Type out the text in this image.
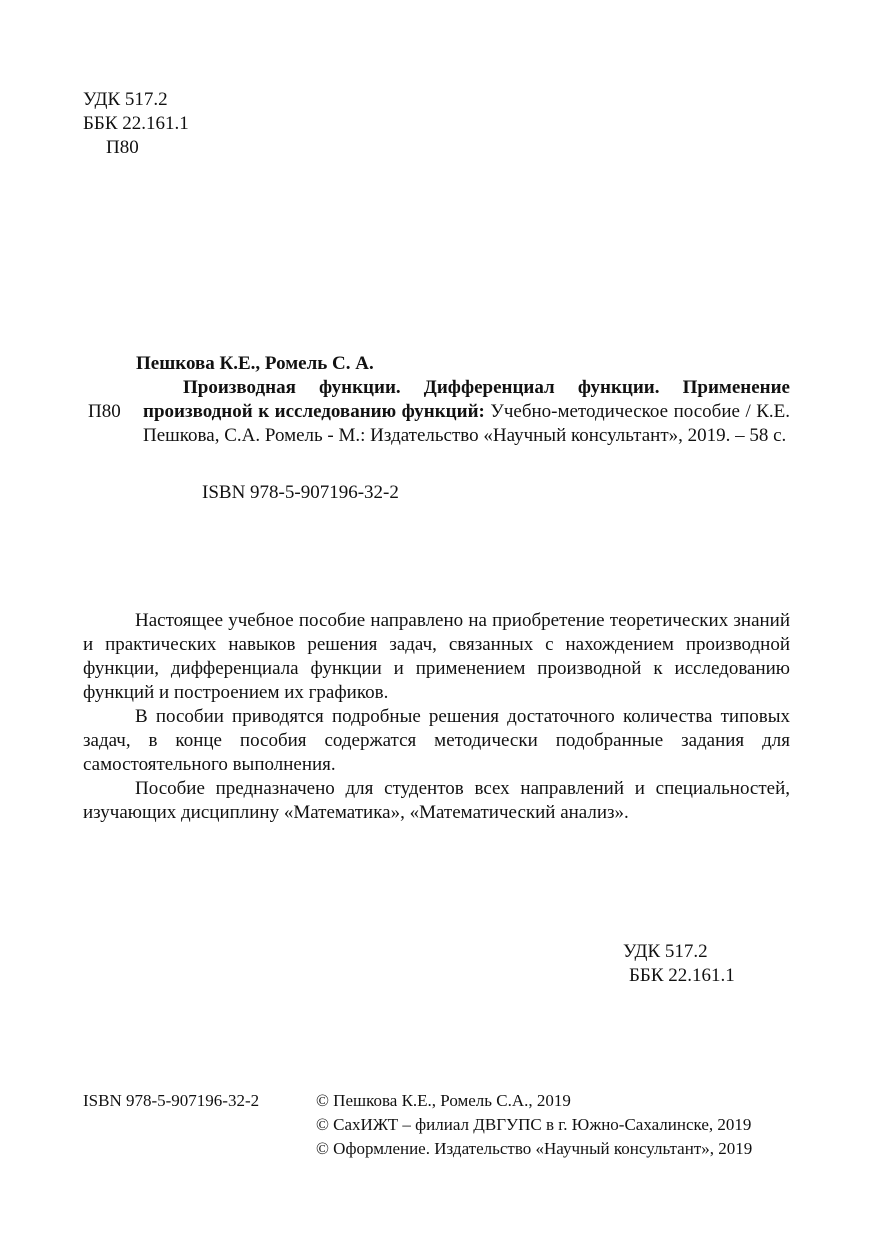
УДК 517.2
ББК 22.161.1
П80
Пешкова К.Е., Ромель С. А.
П80
Производная функции. Дифференциал функции. Применение производной к исследованию функций: Учебно-методическое пособие / К.Е. Пешкова, С.А. Ромель - М.: Издательство «Научный консультант», 2019. – 58 с.
ISBN 978-5-907196-32-2

Настоящее учебное пособие направлено на приобретение теоретических знаний и практических навыков решения задач, связанных с нахождением производной функции, дифференциала функции и применением производной к исследованию функций и построением их графиков.

В пособии приводятся подробные решения достаточного количества типовых задач, в конце пособия содержатся методически подобранные задания для самостоятельного выполнения.

Пособие предназначено для студентов всех направлений и специальностей, изучающих дисциплину «Математика», «Математический анализ».

УДК 517.2
ББК 22.161.1
ISBN 978-5-907196-32-2	© Пешкова К.Е., Ромель С.А., 2019
© СахИЖТ – филиал ДВГУПС в г. Южно-Сахалинске, 2019
© Оформление. Издательство «Научный консультант», 2019
